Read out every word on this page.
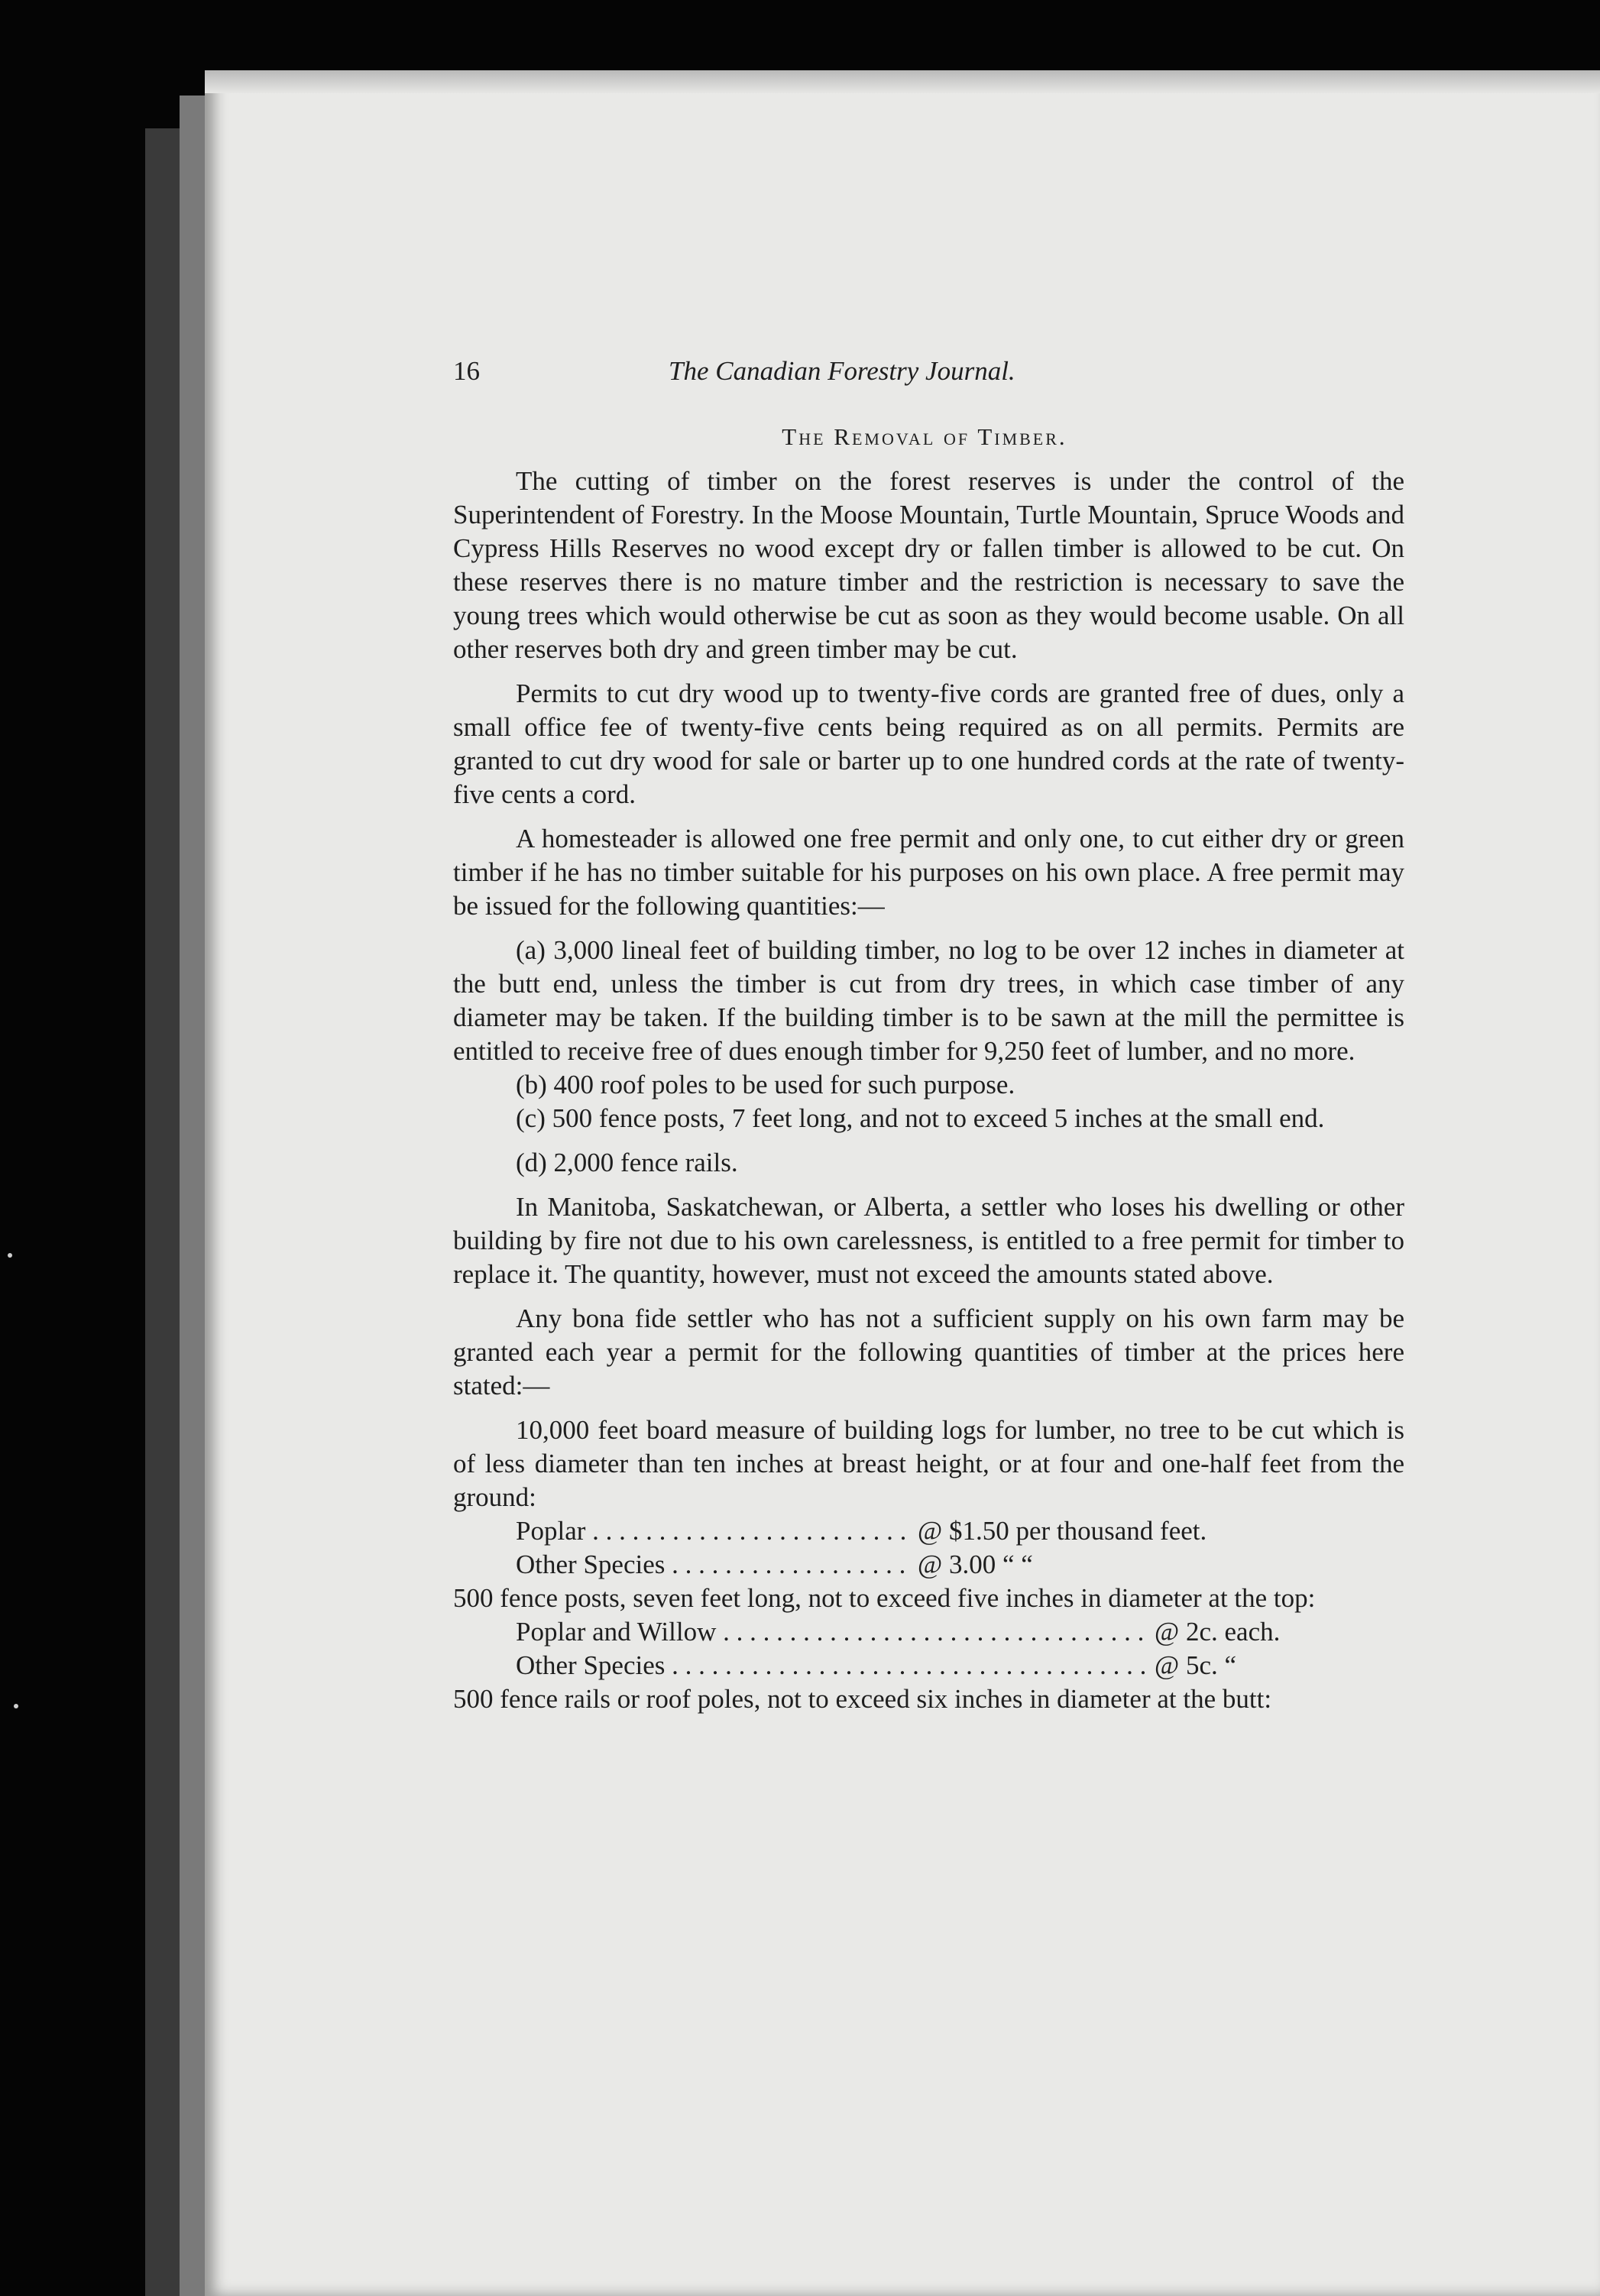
16	The Canadian Forestry Journal.
The Removal of Timber.

The cutting of timber on the forest reserves is under the control of the Superintendent of Forestry. In the Moose Mountain, Turtle Mountain, Spruce Woods and Cypress Hills Reserves no wood except dry or fallen timber is allowed to be cut. On these reserves there is no mature timber and the restriction is necessary to save the young trees which would otherwise be cut as soon as they would become usable. On all other reserves both dry and green timber may be cut.

Permits to cut dry wood up to twenty-five cords are granted free of dues, only a small office fee of twenty-five cents being required as on all permits. Permits are granted to cut dry wood for sale or barter up to one hundred cords at the rate of twenty-five cents a cord.

A homesteader is allowed one free permit and only one, to cut either dry or green timber if he has no timber suitable for his purposes on his own place. A free permit may be issued for the following quantities:—

(a) 3,000 lineal feet of building timber, no log to be over 12 inches in diameter at the butt end, unless the timber is cut from dry trees, in which case timber of any diameter may be taken. If the building timber is to be sawn at the mill the permittee is entitled to receive free of dues enough timber for 9,250 feet of lumber, and no more.

(b) 400 roof poles to be used for such purpose.

(c) 500 fence posts, 7 feet long, and not to exceed 5 inches at the small end.

(d) 2,000 fence rails.

In Manitoba, Saskatchewan, or Alberta, a settler who loses his dwelling or other building by fire not due to his own carelessness, is entitled to a free permit for timber to replace it. The quantity, however, must not exceed the amounts stated above.

Any bona fide settler who has not a sufficient supply on his own farm may be granted each year a permit for the following quantities of timber at the prices here stated:—

10,000 feet board measure of building logs for lumber, no tree to be cut which is of less diameter than ten inches at breast height, or at four and one-half feet from the ground:

Poplar . . .	@ $1.50 per thousand feet.
Other Species . . .	@ 3.00 “ “

500 fence posts, seven feet long, not to exceed five inches in diameter at the top:

Poplar and Willow . . .	@ 2c. each.
Other Species . . .	@ 5c. “

500 fence rails or roof poles, not to exceed six inches in diameter at the butt:
